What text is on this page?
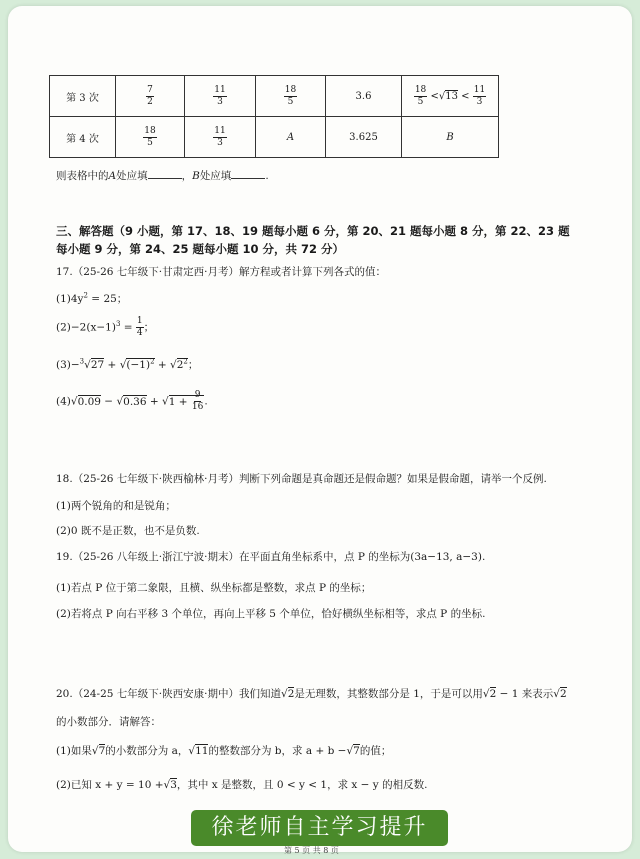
第 3 次	$\frac{7}{2}$	$\frac{11}{3}$	$\frac{18}{5}$	3.6	$\frac{18}{5} <√13 < \frac{11}{3}$

第 4 次	$\frac{18}{5}$	$\frac{11}{3}$	A	3.625	B
则表格中的A处应填	，B处应填	.
三、解答题（9 小题，第 17、18、19 题每小题 6 分，第 20、21 题每小题 8 分，第 22、23 题
每小题 9 分，第 24、25 题每小题 10 分，共 72 分）
17.（25-26 七年级下·甘肃定西·月考）解方程或者计算下列各式的值：
$(1)4y^2 = 25$；
$(2)-2(x-1)^3 = \frac{1}{4}$ ；
$(3)-^3√27 + √(-1)^2 + √2^2$；
$(4)√0.09 - √0.36 + √1 + \frac{9}{16}$ .
18.（25-26 七年级下·陕西榆林·月考）判断下列命题是真命题还是假命题？如果是假命题，请举一个反例.
(1)两个锐角的和是锐角；
(2)0 既不是正数，也不是负数.
19.（25-26 八年级上·浙江宁波·期末）在平面直角坐标系中，点 P 的坐标为(3a−13, a−3).
(1)若点 P 位于第二象限，且横、纵坐标都是整数，求点 P 的坐标；
(2)若将点 P 向右平移 3 个单位，再向上平移 5 个单位，恰好横纵坐标相等，求点 P 的坐标.
20.（24-25 七年级下·陕西安康·期中）我们知道√2是无理数，其整数部分是 1，于是可以用√2 − 1 来表示√2
的小数部分．请解答：
(1)如果√7的小数部分为 a，√11的整数部分为 b，求 a + b −√7的值；
(2)已知 x + y = 10 +√3，其中 x 是整数，且 0 < y < 1，求 x − y 的相反数.
徐老师自主学习提升
第 5 页 共 8 页
